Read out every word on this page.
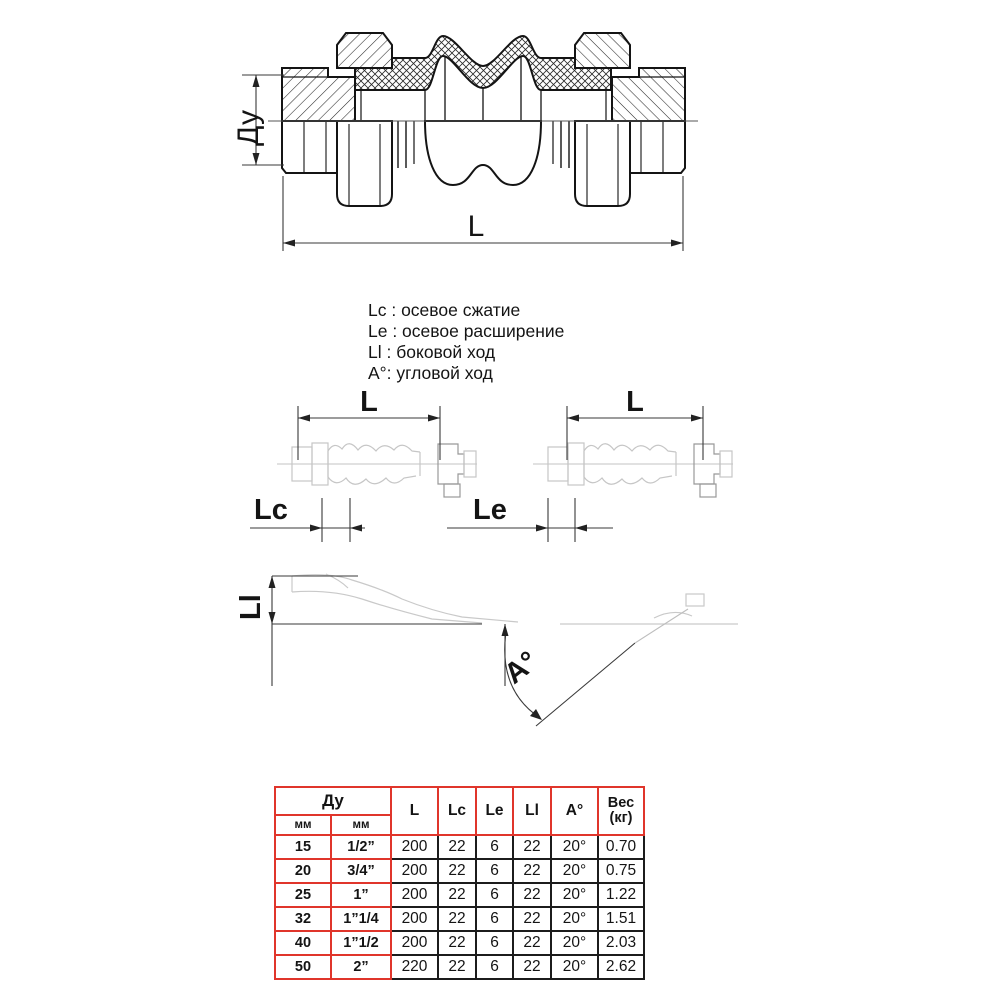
Ду
L
Lc : осевое сжатие
Le : осевое расширение
Ll : боковой ход
A°: угловой ход
L
Lc
L
Le
Ll
A°
Ду		L	Lc	Le	Ll	A°	Вес
(кг)
мм	мм						
15	1/2”	200	22	6	22	20°	0.70
20	3/4”	200	22	6	22	20°	0.75
25	1”	200	22	6	22	20°	1.22
32	1”1/4	200	22	6	22	20°	1.51
40	1”1/2	200	22	6	22	20°	2.03
50	2”	220	22	6	22	20°	2.62
